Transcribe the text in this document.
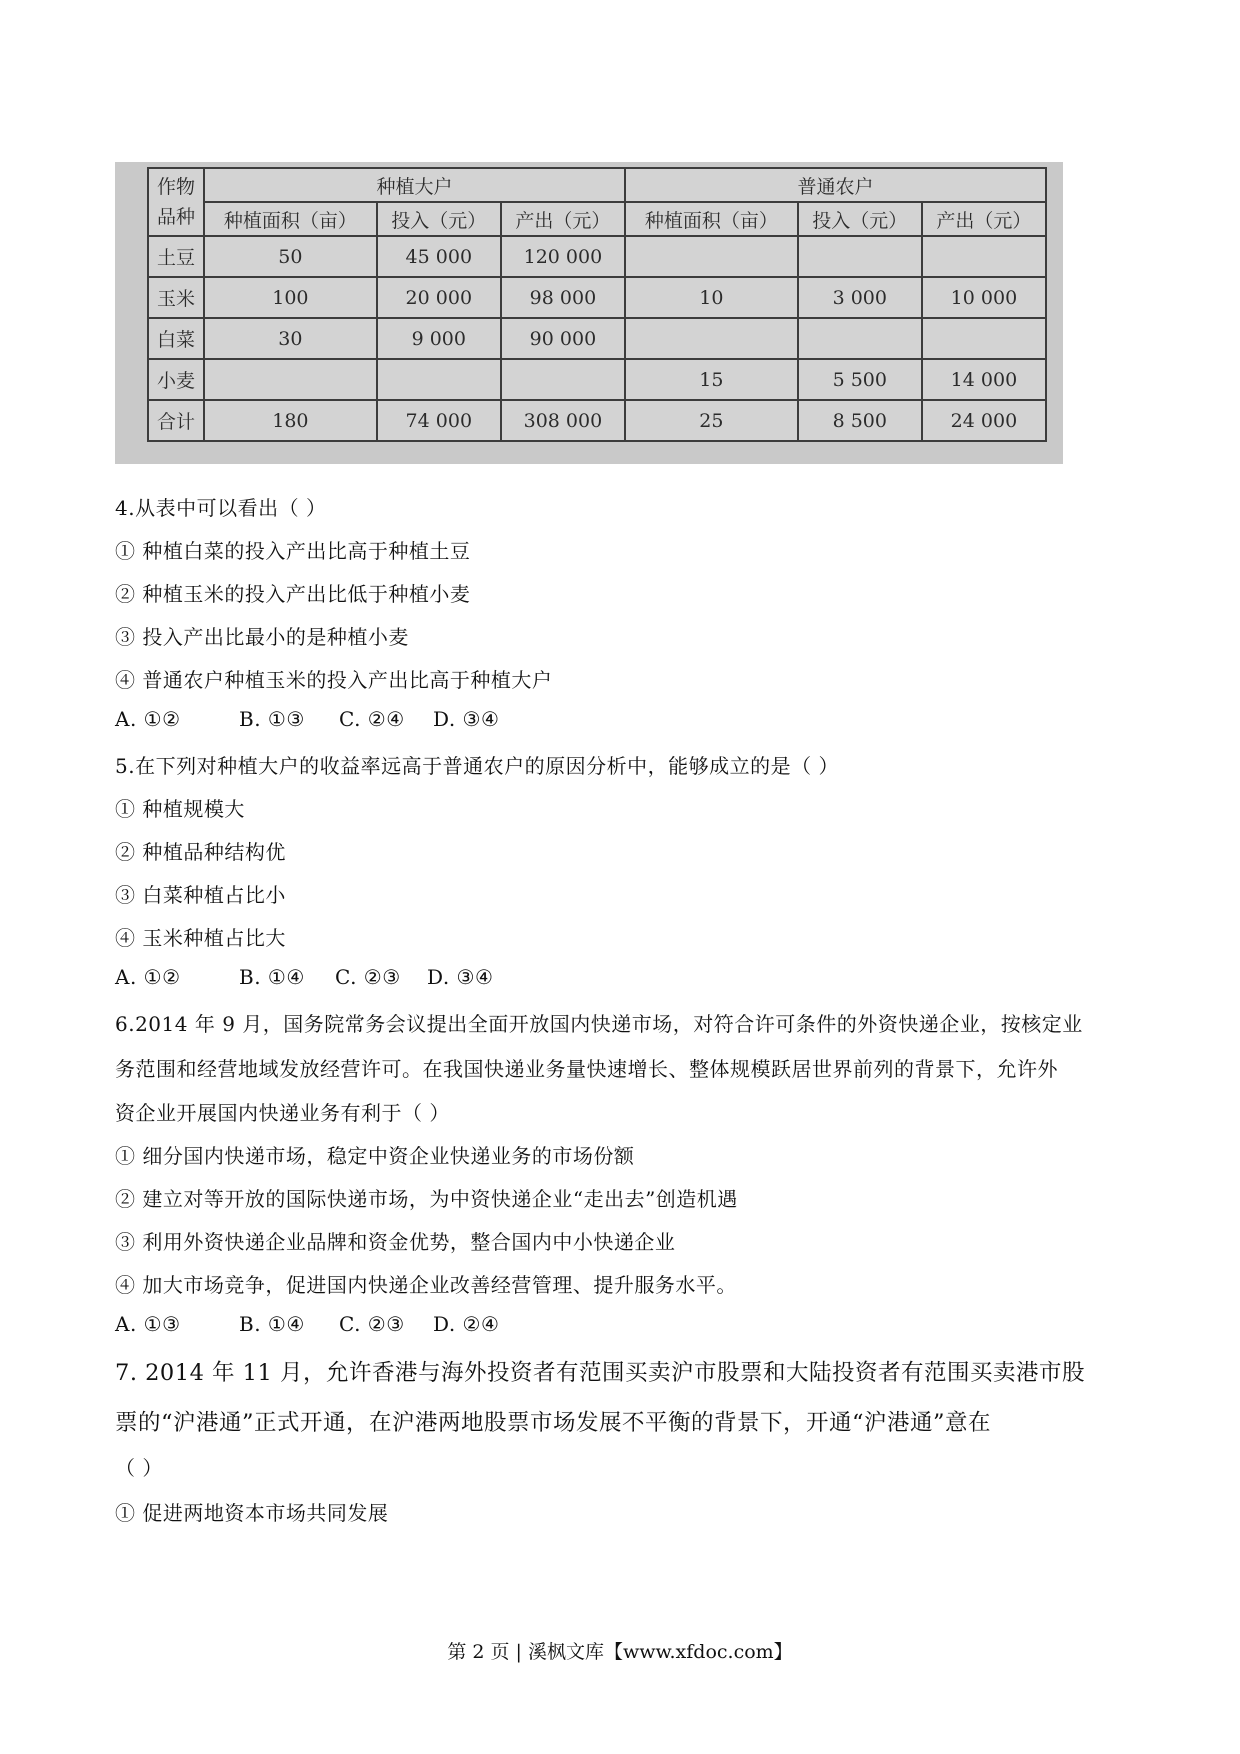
作物
品种	种植大户			普通农户		
	种植面积（亩）	投入（元）	产出（元）	种植面积（亩）	投入（元）	产出（元）
土豆	50	45 000	120 000			
玉米	100	20 000	98 000	10	3 000	10 000
白菜	30	9 000	90 000			
小麦				15	5 500	14 000
合计	180	74 000	308 000	25	8 500	24 000
4.从表中可以看出（ ）
① 种植白菜的投入产出比高于种植土豆
② 种植玉米的投入产出比低于种植小麦
③ 投入产出比最小的是种植小麦
④ 普通农户种植玉米的投入产出比高于种植大户
A. ①②	B. ①③ C. ②④ D. ③④
5.在下列对种植大户的收益率远高于普通农户的原因分析中，能够成立的是（ ）
① 种植规模大
② 种植品种结构优
③ 白菜种植占比小
④ 玉米种植占比大
A. ①②	B. ①④ C. ②③ D. ③④
6.2014 年 9 月，国务院常务会议提出全面开放国内快递市场，对符合许可条件的外资快递企业，按核定业
务范围和经营地域发放经营许可。在我国快递业务量快速增长、整体规模跃居世界前列的背景下，允许外
资企业开展国内快递业务有利于（ ）
① 细分国内快递市场，稳定中资企业快递业务的市场份额
② 建立对等开放的国际快递市场，为中资快递企业“走出去”创造机遇
③ 利用外资快递企业品牌和资金优势，整合国内中小快递企业
④ 加大市场竞争，促进国内快递企业改善经营管理、提升服务水平。
A. ①③	B. ①④ C. ②③ D. ②④
7. 2014 年 11 月，允许香港与海外投资者有范围买卖沪市股票和大陆投资者有范围买卖港市股
票的“沪港通”正式开通，在沪港两地股票市场发展不平衡的背景下，开通“沪港通”意在
（ ）
① 促进两地资本市场共同发展
第 2 页 | 溪枫文库【www.xfdoc.com】
